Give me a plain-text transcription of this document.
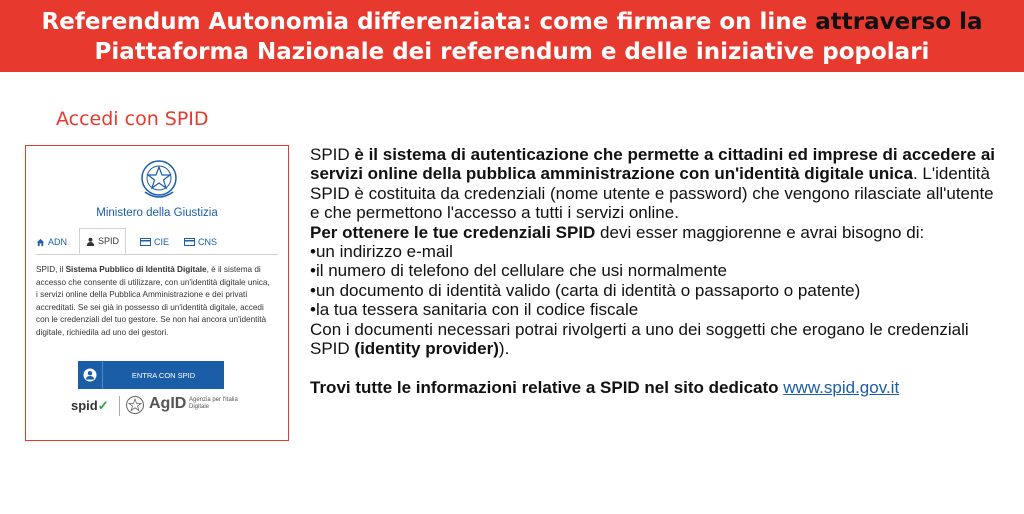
Referendum Autonomia differenziata: come firmare on line attraverso la
Piattaforma Nazionale dei referendum e delle iniziative popolari
Accedi con SPID
Ministero della Giustizia
ADN	SPID	CIE	CNS
SPID, il Sistema Pubblico di Identità Digitale, è il sistema di accesso che consente di utilizzare, con un'identità digitale unica, i servizi online della Pubblica Amministrazione e dei privati accreditati. Se sei già in possesso di un'identità digitale, accedi con le credenziali del tuo gestore. Se non hai ancora un'identità digitale, richiedila ad uno dei gestori.
ENTRA CON SPID
spid✓	AgID Agenzia per l'Italia Digitale

SPID è il sistema di autenticazione che permette a cittadini ed imprese di accedere ai servizi online della pubblica amministrazione con un'identità digitale unica. L'identità SPID è costituita da credenziali (nome utente e password) che vengono rilasciate all'utente e che permettono l'accesso a tutti i servizi online.

Per ottenere le tue credenziali SPID devi esser maggiorenne e avrai bisogno di:

•un indirizzo e-mail

•il numero di telefono del cellulare che usi normalmente

•un documento di identità valido (carta di identità o passaporto o patente)

•la tua tessera sanitaria con il codice fiscale

Con i documenti necessari potrai rivolgerti a uno dei soggetti che erogano le credenziali SPID (identity provider)).

Trovi tutte le informazioni relative a SPID nel sito dedicato www.spid.gov.it
